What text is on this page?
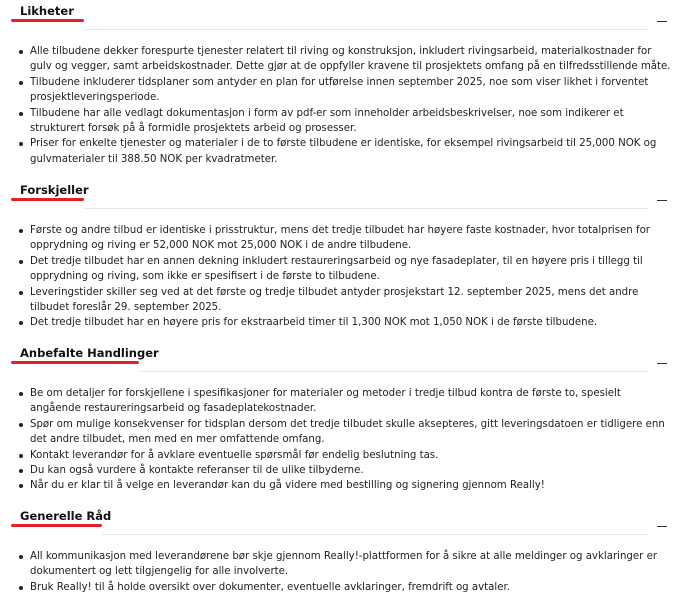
Likheter
Alle tilbudene dekker forespurte tjenester relatert til riving og konstruksjon, inkludert rivingsarbeid, materialkostnader for gulv og vegger, samt arbeidskostnader. Dette gjør at de oppfyller kravene til prosjektets omfang på en tilfredsstillende måte.
Tilbudene inkluderer tidsplaner som antyder en plan for utførelse innen september 2025, noe som viser likhet i forventet prosjektleveringsperiode.
Tilbudene har alle vedlagt dokumentasjon i form av pdf-er som inneholder arbeidsbeskrivelser, noe som indikerer et strukturert forsøk på å formidle prosjektets arbeid og prosesser.
Priser for enkelte tjenester og materialer i de to første tilbudene er identiske, for eksempel rivingsarbeid til 25,000 NOK og gulvmaterialer til 388.50 NOK per kvadratmeter.
Forskjeller
Første og andre tilbud er identiske i prisstruktur, mens det tredje tilbudet har høyere faste kostnader, hvor totalprisen for opprydning og riving er 52,000 NOK mot 25,000 NOK i de andre tilbudene.
Det tredje tilbudet har en annen dekning inkludert restaureringsarbeid og nye fasadeplater, til en høyere pris i tillegg til opprydning og riving, som ikke er spesifisert i de første to tilbudene.
Leveringstider skiller seg ved at det første og tredje tilbudet antyder prosjekstart 12. september 2025, mens det andre tilbudet foreslår 29. september 2025.
Det tredje tilbudet har en høyere pris for ekstraarbeid timer til 1,300 NOK mot 1,050 NOK i de første tilbudene.
Anbefalte Handlinger
Be om detaljer for forskjellene i spesifikasjoner for materialer og metoder i tredje tilbud kontra de første to, spesielt angående restaureringsarbeid og fasadeplatekostnader.
Spør om mulige konsekvenser for tidsplan dersom det tredje tilbudet skulle aksepteres, gitt leveringsdatoen er tidligere enn det andre tilbudet, men med en mer omfattende omfang.
Kontakt leverandør for å avklare eventuelle spørsmål før endelig beslutning tas.
Du kan også vurdere å kontakte referanser til de ulike tilbyderne.
Når du er klar til å velge en leverandør kan du gå videre med bestilling og signering gjennom Really!
Generelle Råd
All kommunikasjon med leverandørene bør skje gjennom Really!-plattformen for å sikre at alle meldinger og avklaringer er dokumentert og lett tilgjengelig for alle involverte.
Bruk Really! til å holde oversikt over dokumenter, eventuelle avklaringer, fremdrift og avtaler.
